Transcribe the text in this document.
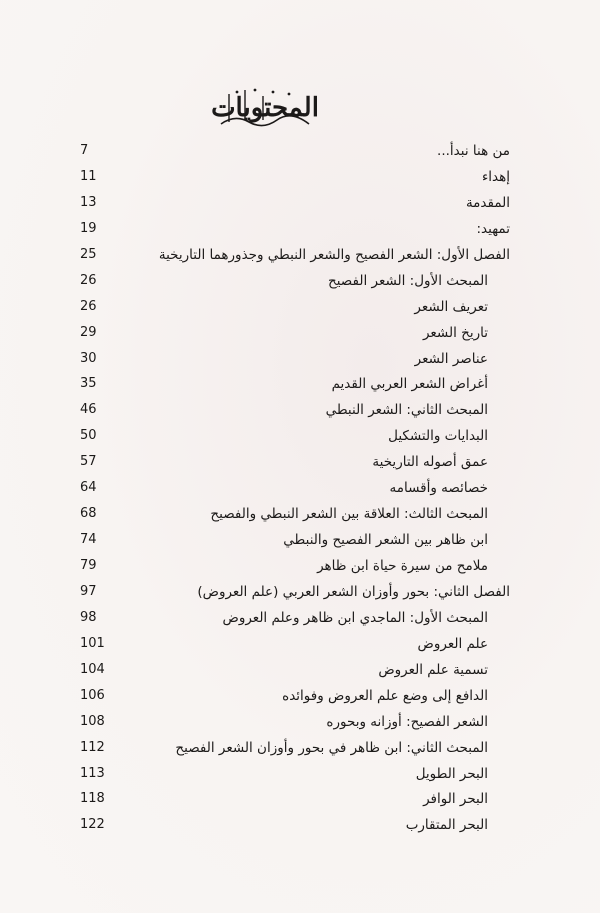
المحتويات
من هنا نبدأ...
7
إهداء
11
المقدمة
13
تمهيد:
19
الفصل الأول: الشعر الفصيح والشعر النبطي وجذورهما التاريخية
25
المبحث الأول: الشعر الفصيح
26
تعريف الشعر
26
تاريخ الشعر
29
عناصر الشعر
30
أغراض الشعر العربي القديم
35
المبحث الثاني: الشعر النبطي
46
البدايات والتشكيل
50
عمق أصوله التاريخية
57
خصائصه وأقسامه
64
المبحث الثالث: العلاقة بين الشعر النبطي والفصيح
68
ابن ظاهر بين الشعر الفصيح والنبطي
74
ملامح من سيرة حياة ابن ظاهر
79
الفصل الثاني: بحور وأوزان الشعر العربي (علم العروض)
97
المبحث الأول: الماجدي ابن ظاهر وعلم العروض
98
علم العروض
101
تسمية علم العروض
104
الدافع إلى وضع علم العروض وفوائده
106
الشعر الفصيح: أوزانه وبحوره
108
المبحث الثاني: ابن ظاهر في بحور وأوزان الشعر الفصيح
112
البحر الطويل
113
البحر الوافر
118
البحر المتقارب
122
